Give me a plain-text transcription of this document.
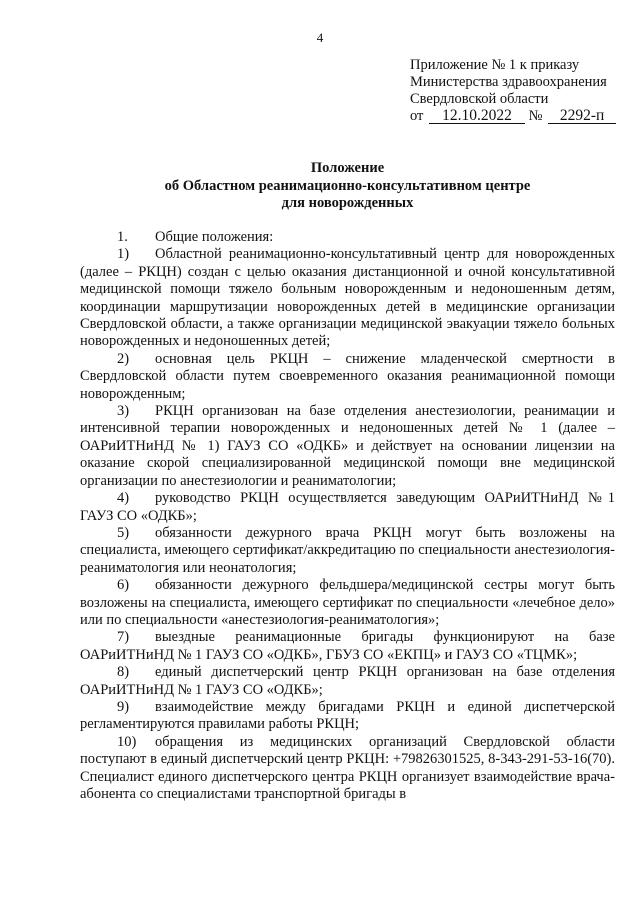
4
Приложение № 1 к приказу
Министерства здравоохранения
Свердловской области
от 12.10.2022 № 2292-п
Положение
об Областном реанимационно-консультативном центре
для новорожденных
1. Общие положения:

1) Областной реанимационно-консультативный центр для новорожденных (далее – РКЦН) создан с целью оказания дистанционной и очной консультативной медицинской помощи тяжело больным новорожденным и недоношенным детям, координации маршрутизации новорожденных детей в медицинские организации Свердловской области, а также организации медицинской эвакуации тяжело больных новорожденных и недоношенных детей;

2) основная цель РКЦН – снижение младенческой смертности в Свердловской области путем своевременного оказания реанимационной помощи новорожденным;

3) РКЦН организован на базе отделения анестезиологии, реанимации и интенсивной терапии новорожденных и недоношенных детей № 1 (далее – ОАРиИТНиНД № 1) ГАУЗ СО «ОДКБ» и действует на основании лицензии на оказание скорой специализированной медицинской помощи вне медицинской организации по анестезиологии и реаниматологии;

4) руководство РКЦН осуществляется заведующим ОАРиИТНиНД №1 ГАУЗ СО «ОДКБ»;

5) обязанности дежурного врача РКЦН могут быть возложены на специалиста, имеющего сертификат/аккредитацию по специальности анестезиология-реаниматология или неонатология;

6) обязанности дежурного фельдшера/медицинской сестры могут быть возложены на специалиста, имеющего сертификат по специальности «лечебное дело» или по специальности «анестезиология-реаниматология»;

7) выездные реанимационные бригады функционируют на базе ОАРиИТНиНД № 1 ГАУЗ СО «ОДКБ», ГБУЗ СО «ЕКПЦ» и ГАУЗ СО «ТЦМК»;

8) единый диспетчерский центр РКЦН организован на базе отделения ОАРиИТНиНД № 1 ГАУЗ СО «ОДКБ»;

9) взаимодействие между бригадами РКЦН и единой диспетчерской регламентируются правилами работы РКЦН;

10) обращения из медицинских организаций Свердловской области поступают в единый диспетчерский центр РКЦН: +79826301525, 8-343-291-53-16(70). Специалист единого диспетчерского центра РКЦН организует взаимодействие врача-абонента со специалистами транспортной бригады в
